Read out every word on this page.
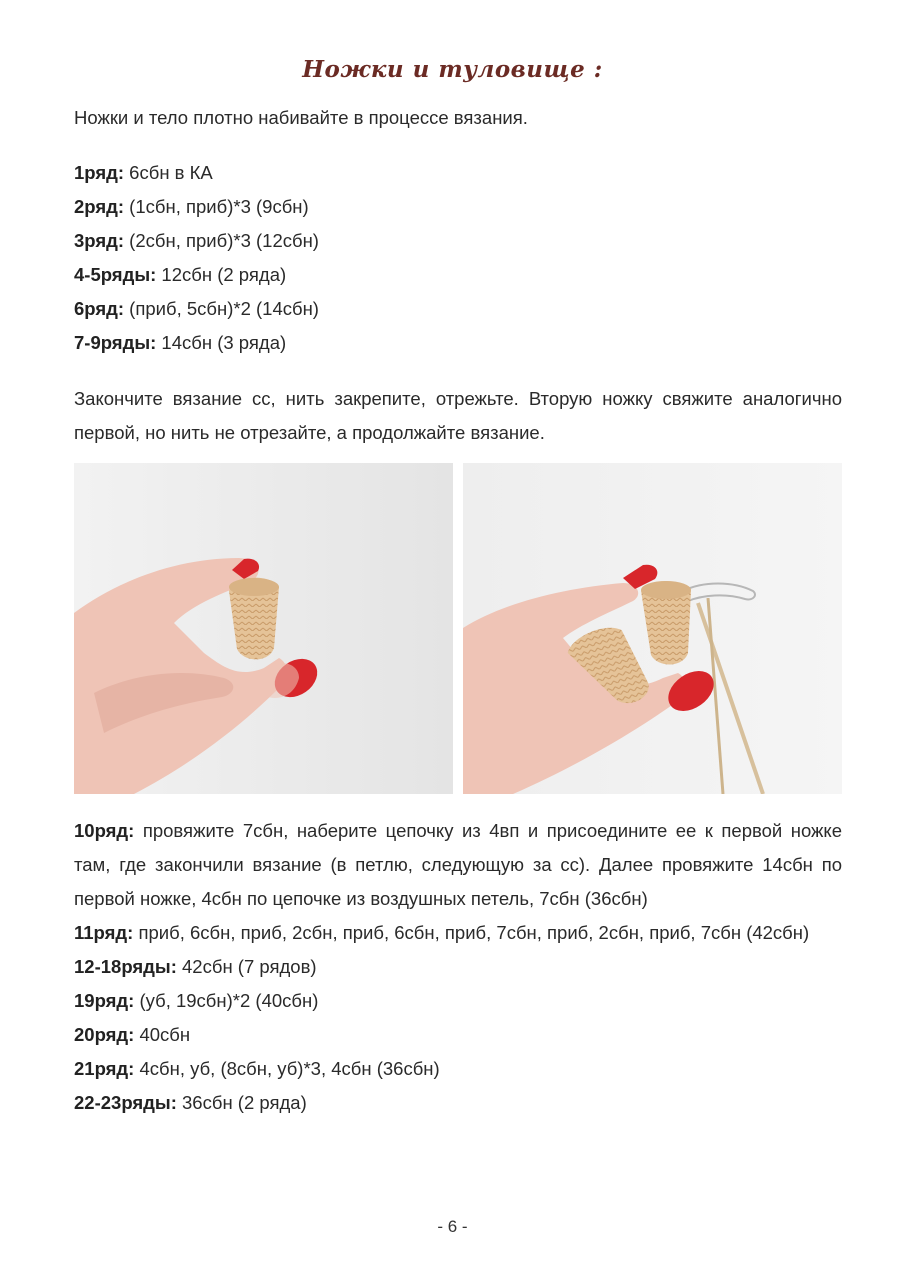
Ножки и туловище :
Ножки и тело плотно набивайте в процессе вязания.

1ряд: 6сбн в КА

2ряд: (1сбн, приб)*3 (9сбн)

3ряд: (2сбн, приб)*3 (12сбн)

4-5ряды: 12сбн (2 ряда)

6ряд: (приб, 5сбн)*2 (14сбн)

7-9ряды: 14сбн (3 ряда)

Закончите вязание сс, нить закрепите, отрежьте. Вторую ножку свяжите аналогично первой, но нить не отрезайте, а продолжайте вязание.

10ряд: провяжите 7сбн, наберите цепочку из 4вп и присоедините ее к первой ножке там, где закончили вязание (в петлю, следующую за сс). Далее провяжите 14сбн по первой ножке, 4сбн по цепочке из воздушных петель, 7сбн (36сбн)

11ряд: приб, 6сбн, приб, 2сбн, приб, 6сбн, приб, 7сбн, приб, 2сбн, приб, 7сбн (42сбн)

12-18ряды: 42сбн (7 рядов)

19ряд: (уб, 19сбн)*2 (40сбн)

20ряд: 40сбн

21ряд: 4сбн, уб, (8сбн, уб)*3, 4сбн (36сбн)

22-23ряды: 36сбн (2 ряда)

- 6 -
